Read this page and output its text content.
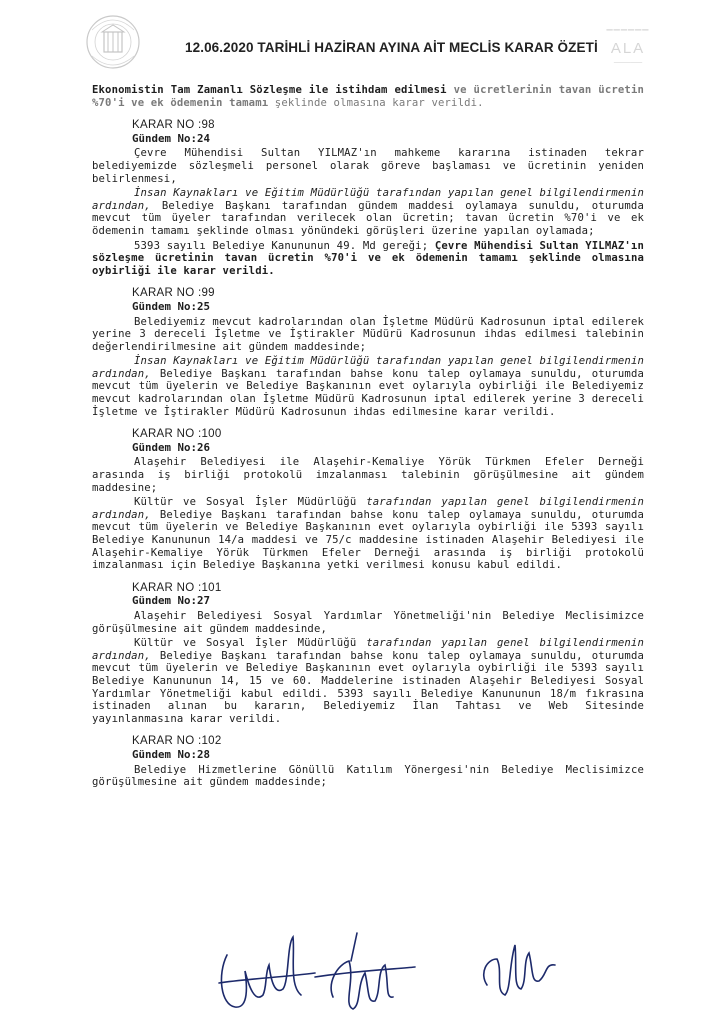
12.06.2020 TARİHLİ HAZİRAN AYINA AİT MECLİS KARAR ÖZETİ
▔▔▔▔▔▔
ALA
─────

Ekonomistin Tam Zamanlı Sözleşme ile istihdam edilmesi ve ücretlerinin tavan ücretin %70'i ve ek ödemenin tamamı şeklinde olmasına karar verildi.

KARAR NO :98
Gündem No:24

Çevre Mühendisi Sultan YILMAZ'ın mahkeme kararına istinaden tekrar belediyemizde sözleşmeli personel olarak göreve başlaması ve ücretinin yeniden belirlenmesi,

İnsan Kaynakları ve Eğitim Müdürlüğü tarafından yapılan genel bilgilendirmenin ardından, Belediye Başkanı tarafından gündem maddesi oylamaya sunuldu, oturumda mevcut tüm üyeler tarafından verilecek olan ücretin; tavan ücretin %70'i ve ek ödemenin tamamı şeklinde olması yönündeki görüşleri üzerine yapılan oylamada;

5393 sayılı Belediye Kanununun 49. Md gereği; Çevre Mühendisi Sultan YILMAZ'ın sözleşme ücretinin tavan ücretin %70'i ve ek ödemenin tamamı şeklinde olmasına oybirliği ile karar verildi.

KARAR NO :99
Gündem No:25

Belediyemiz mevcut kadrolarından olan İşletme Müdürü Kadrosunun iptal edilerek yerine 3 dereceli İşletme ve İştirakler Müdürü Kadrosunun ihdas edilmesi talebinin değerlendirilmesine ait gündem maddesinde;

İnsan Kaynakları ve Eğitim Müdürlüğü tarafından yapılan genel bilgilendirmenin ardından, Belediye Başkanı tarafından bahse konu talep oylamaya sunuldu, oturumda mevcut tüm üyelerin ve Belediye Başkanının evet oylarıyla oybirliği ile Belediyemiz mevcut kadrolarından olan İşletme Müdürü Kadrosunun iptal edilerek yerine 3 dereceli İşletme ve İştirakler Müdürü Kadrosunun ihdas edilmesine karar verildi.

KARAR NO :100
Gündem No:26

Alaşehir Belediyesi ile Alaşehir-Kemaliye Yörük Türkmen Efeler Derneği arasında iş birliği protokolü imzalanması talebinin görüşülmesine ait gündem maddesine;

Kültür ve Sosyal İşler Müdürlüğü tarafından yapılan genel bilgilendirmenin ardından, Belediye Başkanı tarafından bahse konu talep oylamaya sunuldu, oturumda mevcut tüm üyelerin ve Belediye Başkanının evet oylarıyla oybirliği ile 5393 sayılı Belediye Kanununun 14/a maddesi ve 75/c maddesine istinaden Alaşehir Belediyesi ile Alaşehir-Kemaliye Yörük Türkmen Efeler Derneği arasında iş birliği protokolü imzalanması için Belediye Başkanına yetki verilmesi konusu kabul edildi.

KARAR NO :101
Gündem No:27

Alaşehir Belediyesi Sosyal Yardımlar Yönetmeliği'nin Belediye Meclisimizce görüşülmesine ait gündem maddesinde,

Kültür ve Sosyal İşler Müdürlüğü tarafından yapılan genel bilgilendirmenin ardından, Belediye Başkanı tarafından bahse konu talep oylamaya sunuldu, oturumda mevcut tüm üyelerin ve Belediye Başkanının evet oylarıyla oybirliği ile 5393 sayılı Belediye Kanununun 14, 15 ve 60. Maddelerine istinaden Alaşehir Belediyesi Sosyal Yardımlar Yönetmeliği kabul edildi. 5393 sayılı Belediye Kanununun 18/m fıkrasına istinaden alınan bu kararın, Belediyemiz İlan Tahtası ve Web Sitesinde yayınlanmasına karar verildi.

KARAR NO :102
Gündem No:28

Belediye Hizmetlerine Gönüllü Katılım Yönergesi'nin Belediye Meclisimizce görüşülmesine ait gündem maddesinde;
